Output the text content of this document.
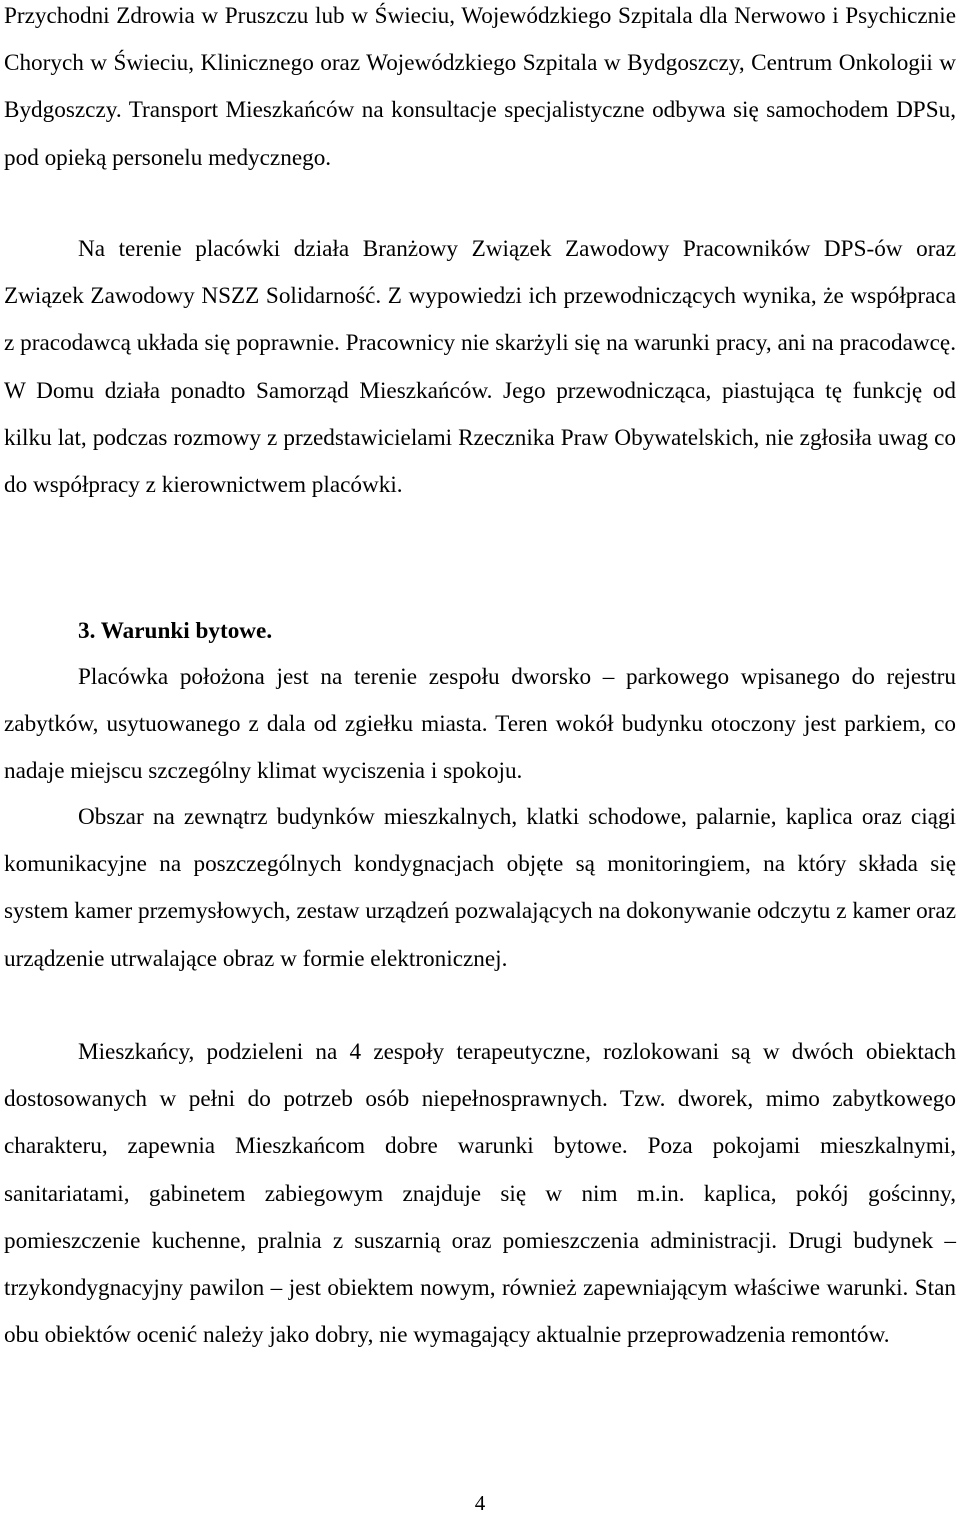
Przychodni Zdrowia w Pruszczu lub w Świeciu, Wojewódzkiego Szpitala dla Nerwowo i Psychicznie Chorych w Świeciu, Klinicznego oraz Wojewódzkiego Szpitala w Bydgoszczy, Centrum Onkologii w Bydgoszczy. Transport Mieszkańców na konsultacje specjalistyczne odbywa się samochodem DPSu, pod opieką personelu medycznego.

Na terenie placówki działa Branżowy Związek Zawodowy Pracowników DPS-ów oraz Związek Zawodowy NSZZ Solidarność. Z wypowiedzi ich przewodniczących wynika, że współpraca z pracodawcą układa się poprawnie. Pracownicy nie skarżyli się na warunki pracy, ani na pracodawcę. W Domu działa ponadto Samorząd Mieszkańców. Jego przewodnicząca, piastująca tę funkcję od kilku lat, podczas rozmowy z przedstawicielami Rzecznika Praw Obywatelskich, nie zgłosiła uwag co do współpracy z kierownictwem placówki.

3. Warunki bytowe.

Placówka położona jest na terenie zespołu dworsko – parkowego wpisanego do rejestru zabytków, usytuowanego z dala od zgiełku miasta. Teren wokół budynku otoczony jest parkiem, co nadaje miejscu szczególny klimat wyciszenia i spokoju.

Obszar na zewnątrz budynków mieszkalnych, klatki schodowe, palarnie, kaplica oraz ciągi komunikacyjne na poszczególnych kondygnacjach objęte są monitoringiem, na który składa się system kamer przemysłowych, zestaw urządzeń pozwalających na dokonywanie odczytu z kamer oraz urządzenie utrwalające obraz w formie elektronicznej.

Mieszkańcy, podzieleni na 4 zespoły terapeutyczne, rozlokowani są w dwóch obiektach dostosowanych w pełni do potrzeb osób niepełnosprawnych. Tzw. dworek, mimo zabytkowego charakteru, zapewnia Mieszkańcom dobre warunki bytowe. Poza pokojami mieszkalnymi, sanitariatami, gabinetem zabiegowym znajduje się w nim m.in. kaplica, pokój gościnny, pomieszczenie kuchenne, pralnia z suszarnią oraz pomieszczenia administracji. Drugi budynek – trzykondygnacyjny pawilon – jest obiektem nowym, również zapewniającym właściwe warunki. Stan obu obiektów ocenić należy jako dobry, nie wymagający aktualnie przeprowadzenia remontów.

4
